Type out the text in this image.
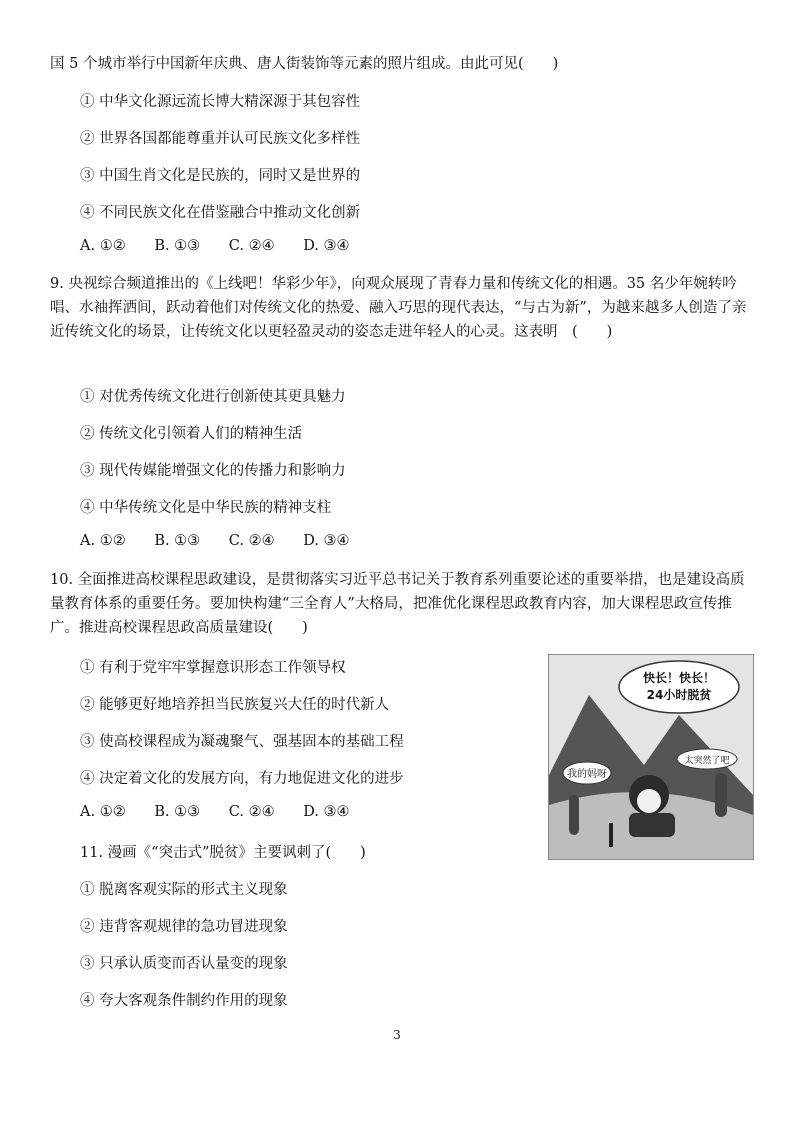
国 5 个城市举行中国新年庆典、唐人街装饰等元素的照片组成。由此可见(　　)
① 中华文化源远流长博大精深源于其包容性
② 世界各国都能尊重并认可民族文化多样性
③ 中国生肖文化是民族的，同时又是世界的
④ 不同民族文化在借鉴融合中推动文化创新
A. ①② B. ①③ C. ②④ D. ③④
9. 央视综合频道推出的《上线吧！华彩少年》，向观众展现了青春力量和传统文化的相遇。35 名少年婉转吟唱、水袖挥洒间，跃动着他们对传统文化的热爱、融入巧思的现代表达，“与古为新”，为越来越多人创造了亲近传统文化的场景，让传统文化以更轻盈灵动的姿态走进年轻人的心灵。这表明　(　　)
① 对优秀传统文化进行创新使其更具魅力
② 传统文化引领着人们的精神生活
③ 现代传媒能增强文化的传播力和影响力
④ 中华传统文化是中华民族的精神支柱
A. ①② B. ①③ C. ②④ D. ③④
10. 全面推进高校课程思政建设，是贯彻落实习近平总书记关于教育系列重要论述的重要举措，也是建设高质量教育体系的重要任务。要加快构建“三全育人”大格局，把准优化课程思政教育内容，加大课程思政宣传推广。推进高校课程思政高质量建设(　　)
① 有利于党牢牢掌握意识形态工作领导权
② 能够更好地培养担当民族复兴大任的时代新人
③ 使高校课程成为凝魂聚气、强基固本的基础工程
④ 决定着文化的发展方向，有力地促进文化的进步
A. ①② B. ①③ C. ②④ D. ③④
11. 漫画《“突击式”脱贫》主要讽刺了(　　)
① 脱离客观实际的形式主义现象
② 违背客观规律的急功冒进现象
③ 只承认质变而否认量变的现象
④ 夸大客观条件制约作用的现象
快长！快长！
24小时脱贫
我的妈呀
太突然了吧
3
